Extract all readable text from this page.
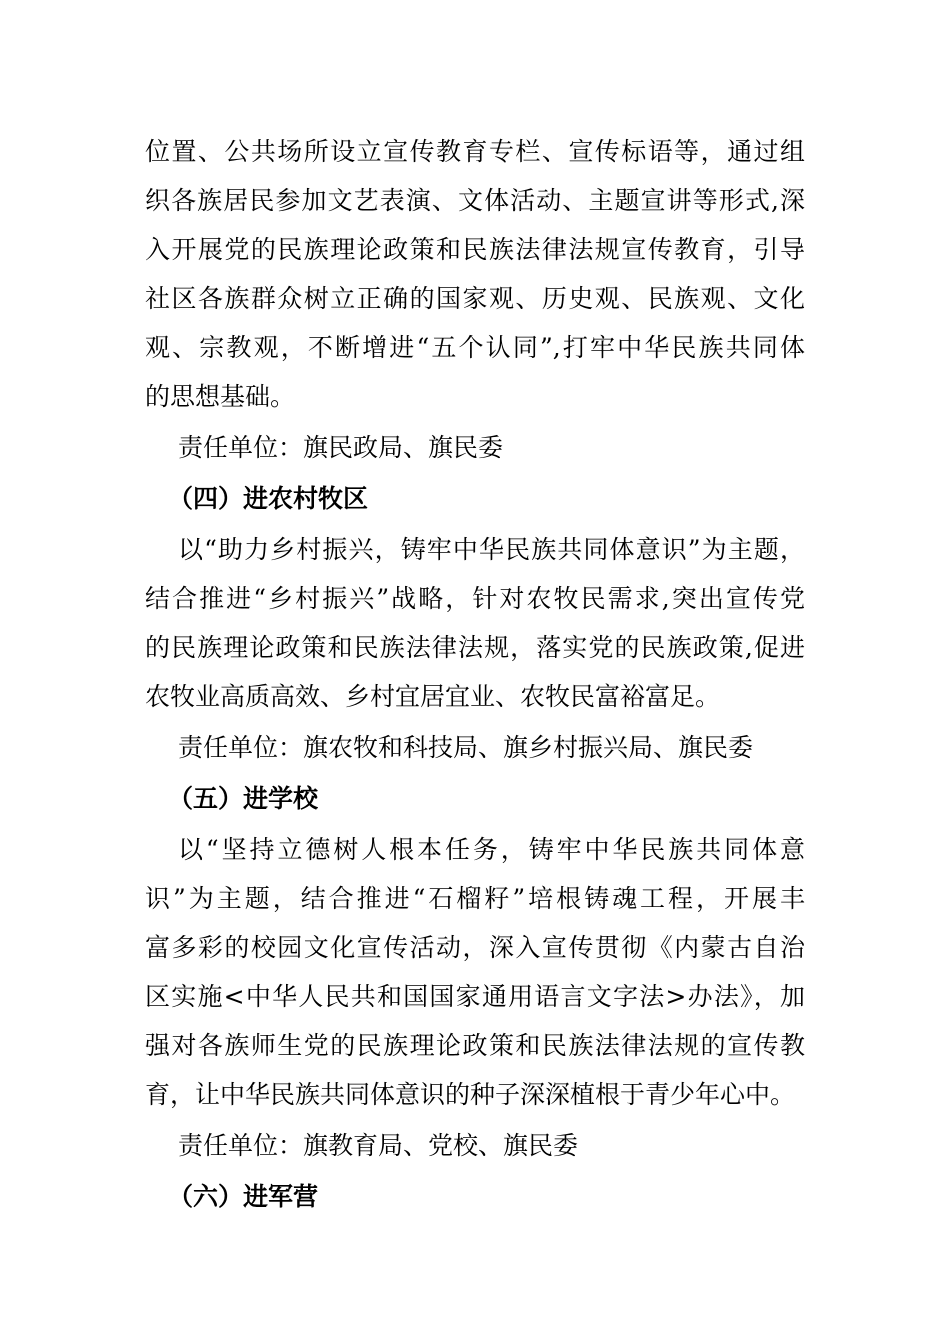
位置、公共场所设立宣传教育专栏、宣传标语等，通过组
织各族居民参加文艺表演、文体活动、主题宣讲等形式,深
入开展党的民族理论政策和民族法律法规宣传教育，引导
社区各族群众树立正确的国家观、历史观、民族观、文化
观、宗教观，不断增进“五个认同”,打牢中华民族共同体
的思想基础。
责任单位：旗民政局、旗民委
（四）进农村牧区
以“助力乡村振兴，铸牢中华民族共同体意识”为主题，
结合推进“乡村振兴”战略，针对农牧民需求,突出宣传党
的民族理论政策和民族法律法规，落实党的民族政策,促进
农牧业高质高效、乡村宜居宜业、农牧民富裕富足。
责任单位：旗农牧和科技局、旗乡村振兴局、旗民委
（五）进学校
以“坚持立德树人根本任务，铸牢中华民族共同体意
识”为主题，结合推进“石榴籽”培根铸魂工程，开展丰
富多彩的校园文化宣传活动，深入宣传贯彻《内蒙古自治
区实施<中华人民共和国国家通用语言文字法>办法》，加
强对各族师生党的民族理论政策和民族法律法规的宣传教
育，让中华民族共同体意识的种子深深植根于青少年心中。
责任单位：旗教育局、党校、旗民委
（六）进军营
